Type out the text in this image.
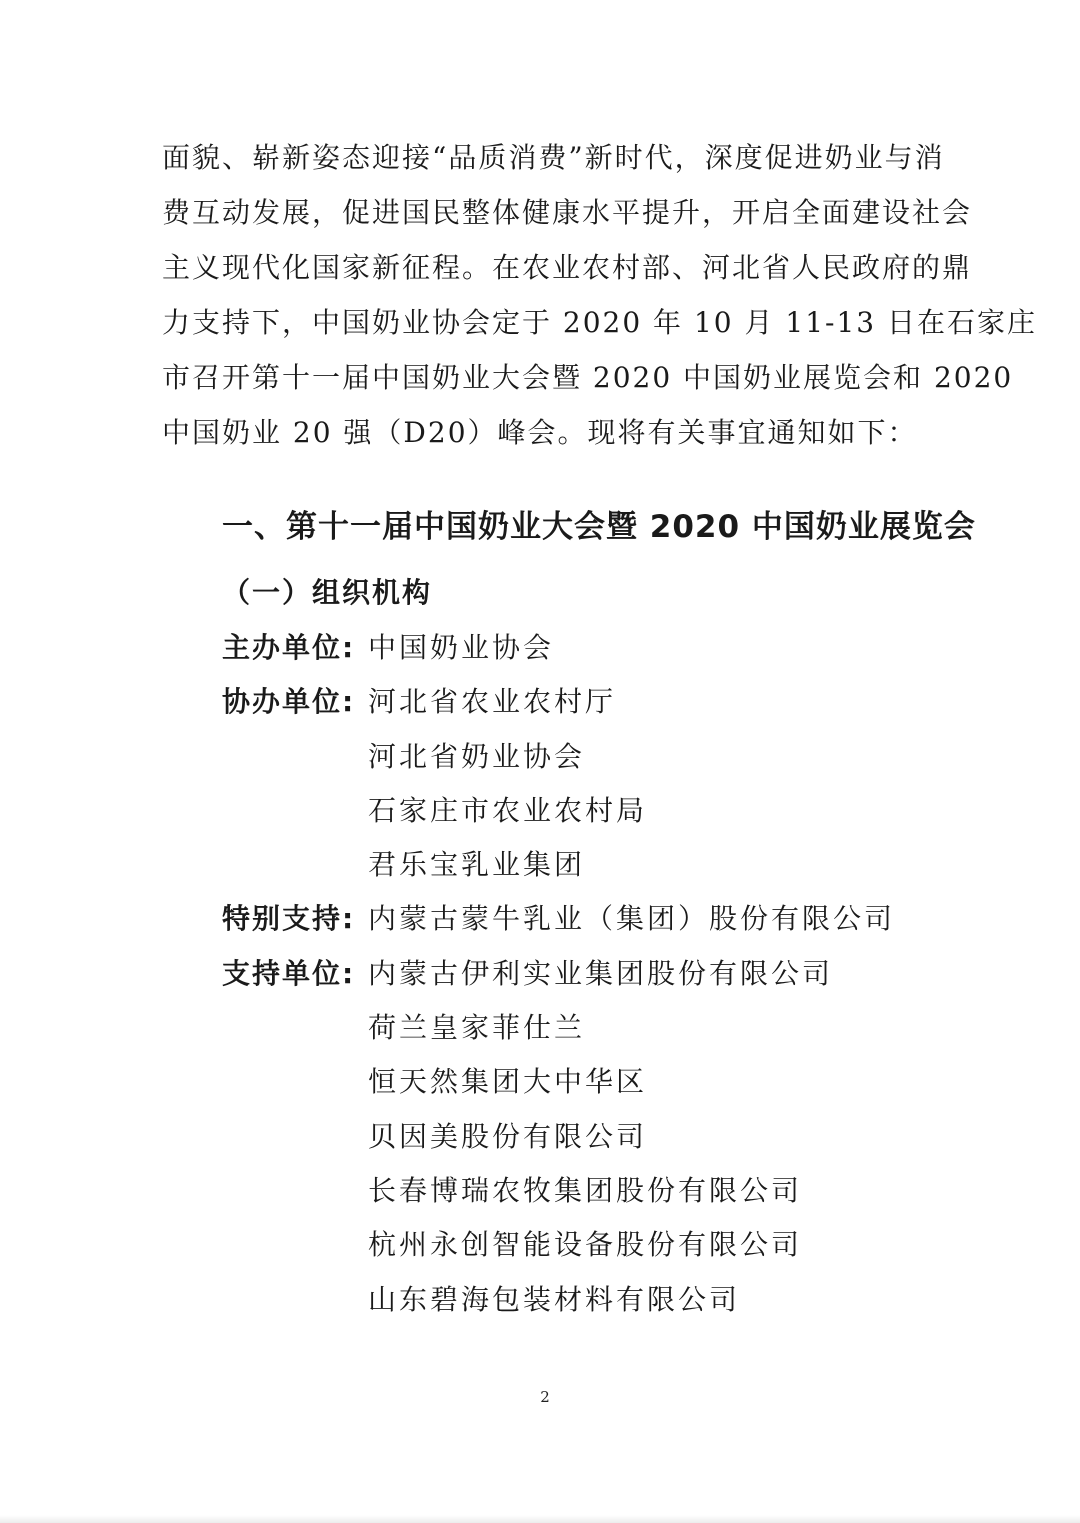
面貌、崭新姿态迎接“品质消费”新时代，深度促进奶业与消
费互动发展，促进国民整体健康水平提升，开启全面建设社会
主义现代化国家新征程。在农业农村部、河北省人民政府的鼎
力支持下，中国奶业协会定于 2020 年 10 月 11-13 日在石家庄
市召开第十一届中国奶业大会暨 2020 中国奶业展览会和 2020
中国奶业 20 强（D20）峰会。现将有关事宜通知如下：
一、第十一届中国奶业大会暨 2020 中国奶业展览会
（一）组织机构
主办单位: 中国奶业协会
协办单位: 河北省农业农村厅
河北省奶业协会
石家庄市农业农村局
君乐宝乳业集团
特别支持: 内蒙古蒙牛乳业（集团）股份有限公司
支持单位: 内蒙古伊利实业集团股份有限公司
荷兰皇家菲仕兰
恒天然集团大中华区
贝因美股份有限公司
长春博瑞农牧集团股份有限公司
杭州永创智能设备股份有限公司
山东碧海包装材料有限公司
2
